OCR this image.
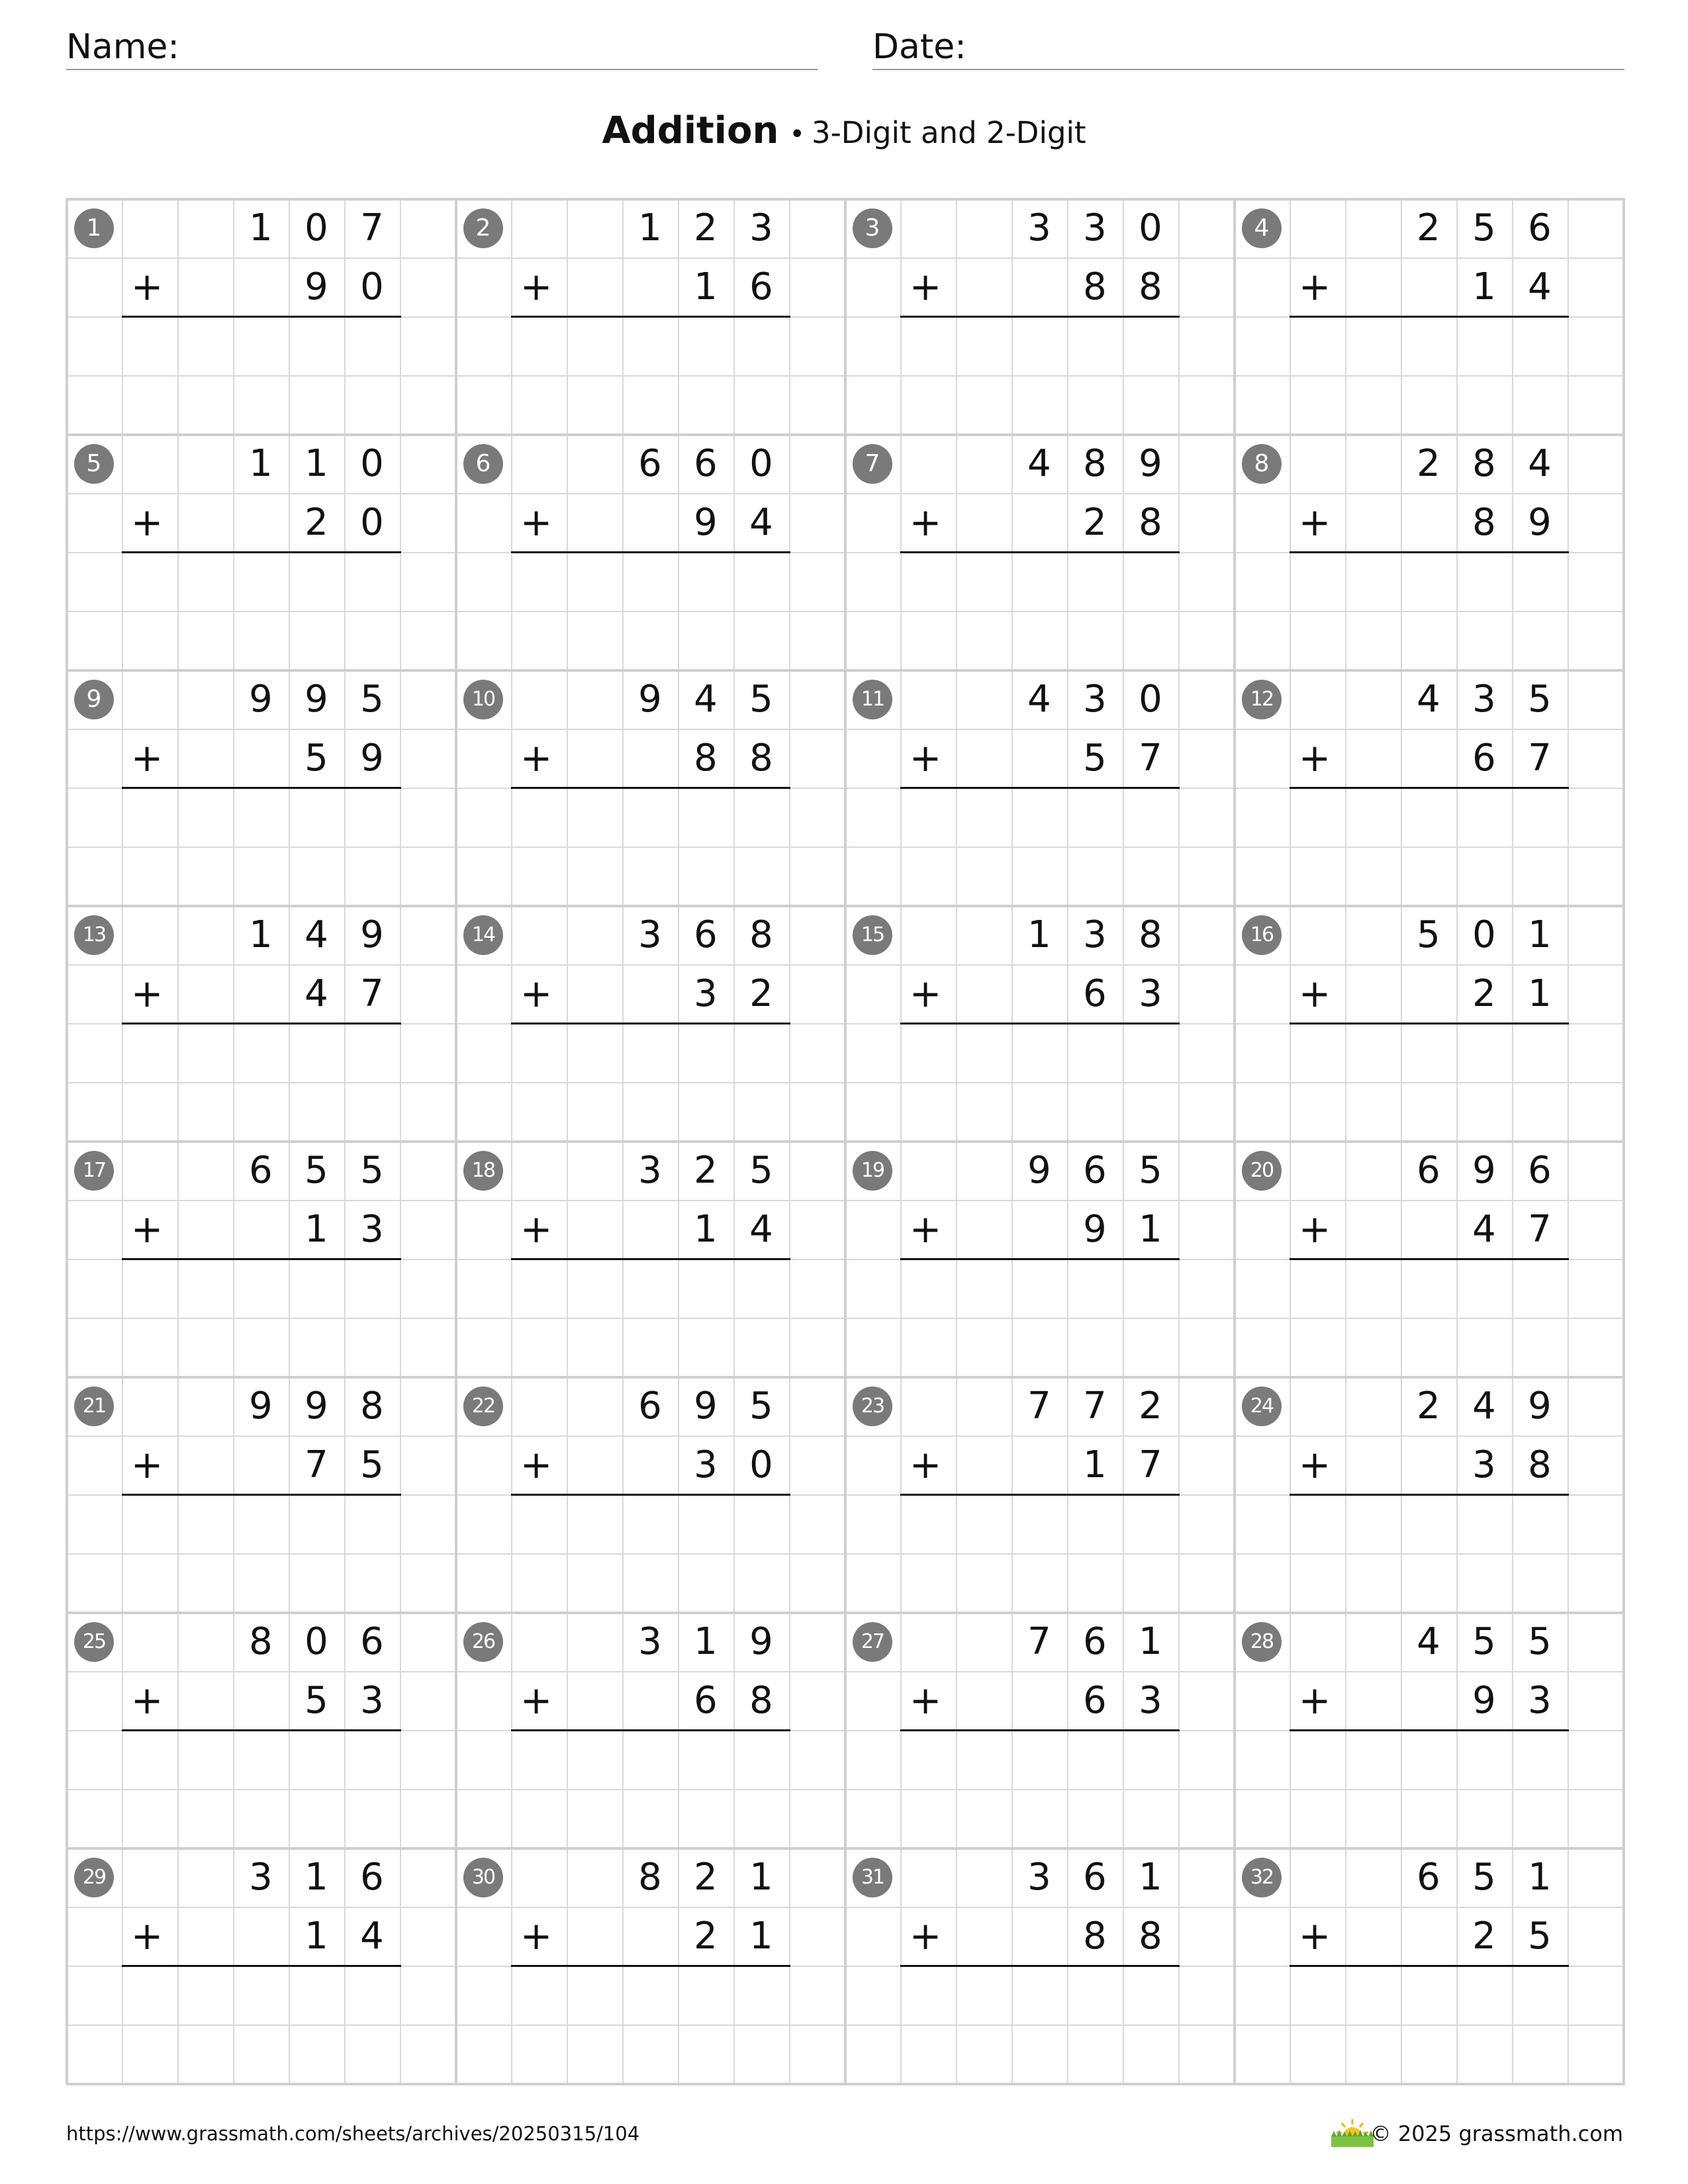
Name:	Date:
Addition • 3-Digit and 2-Digit
1	1 0 7
+	9 0
2	1 2 3
+	1 6
3	3 3 0
+	8 8
4	2 5 6
+	1 4
5	1 1 0
+	2 0
6	6 6 0
+	9 4
7	4 8 9
+	2 8
8	2 8 4
+	8 9
9	9 9 5
+	5 9
10	9 4 5
+	8 8
11	4 3 0
+	5 7
12	4 3 5
+	6 7
13	1 4 9
+	4 7
14	3 6 8
+	3 2
15	1 3 8
+	6 3
16	5 0 1
+	2 1
17	6 5 5
+	1 3
18	3 2 5
+	1 4
19	9 6 5
+	9 1
20	6 9 6
+	4 7
21	9 9 8
+	7 5
22	6 9 5
+	3 0
23	7 7 2
+	1 7
24	2 4 9
+	3 8
25	8 0 6
+	5 3
26	3 1 9
+	6 8
27	7 6 1
+	6 3
28	4 5 5
+	9 3
29	3 1 6
+	1 4
30	8 2 1
+	2 1
31	3 6 1
+	8 8
32	6 5 1
+	2 5
https://www.grassmath.com/sheets/archives/20250315/104	© 2025 grassmath.com
